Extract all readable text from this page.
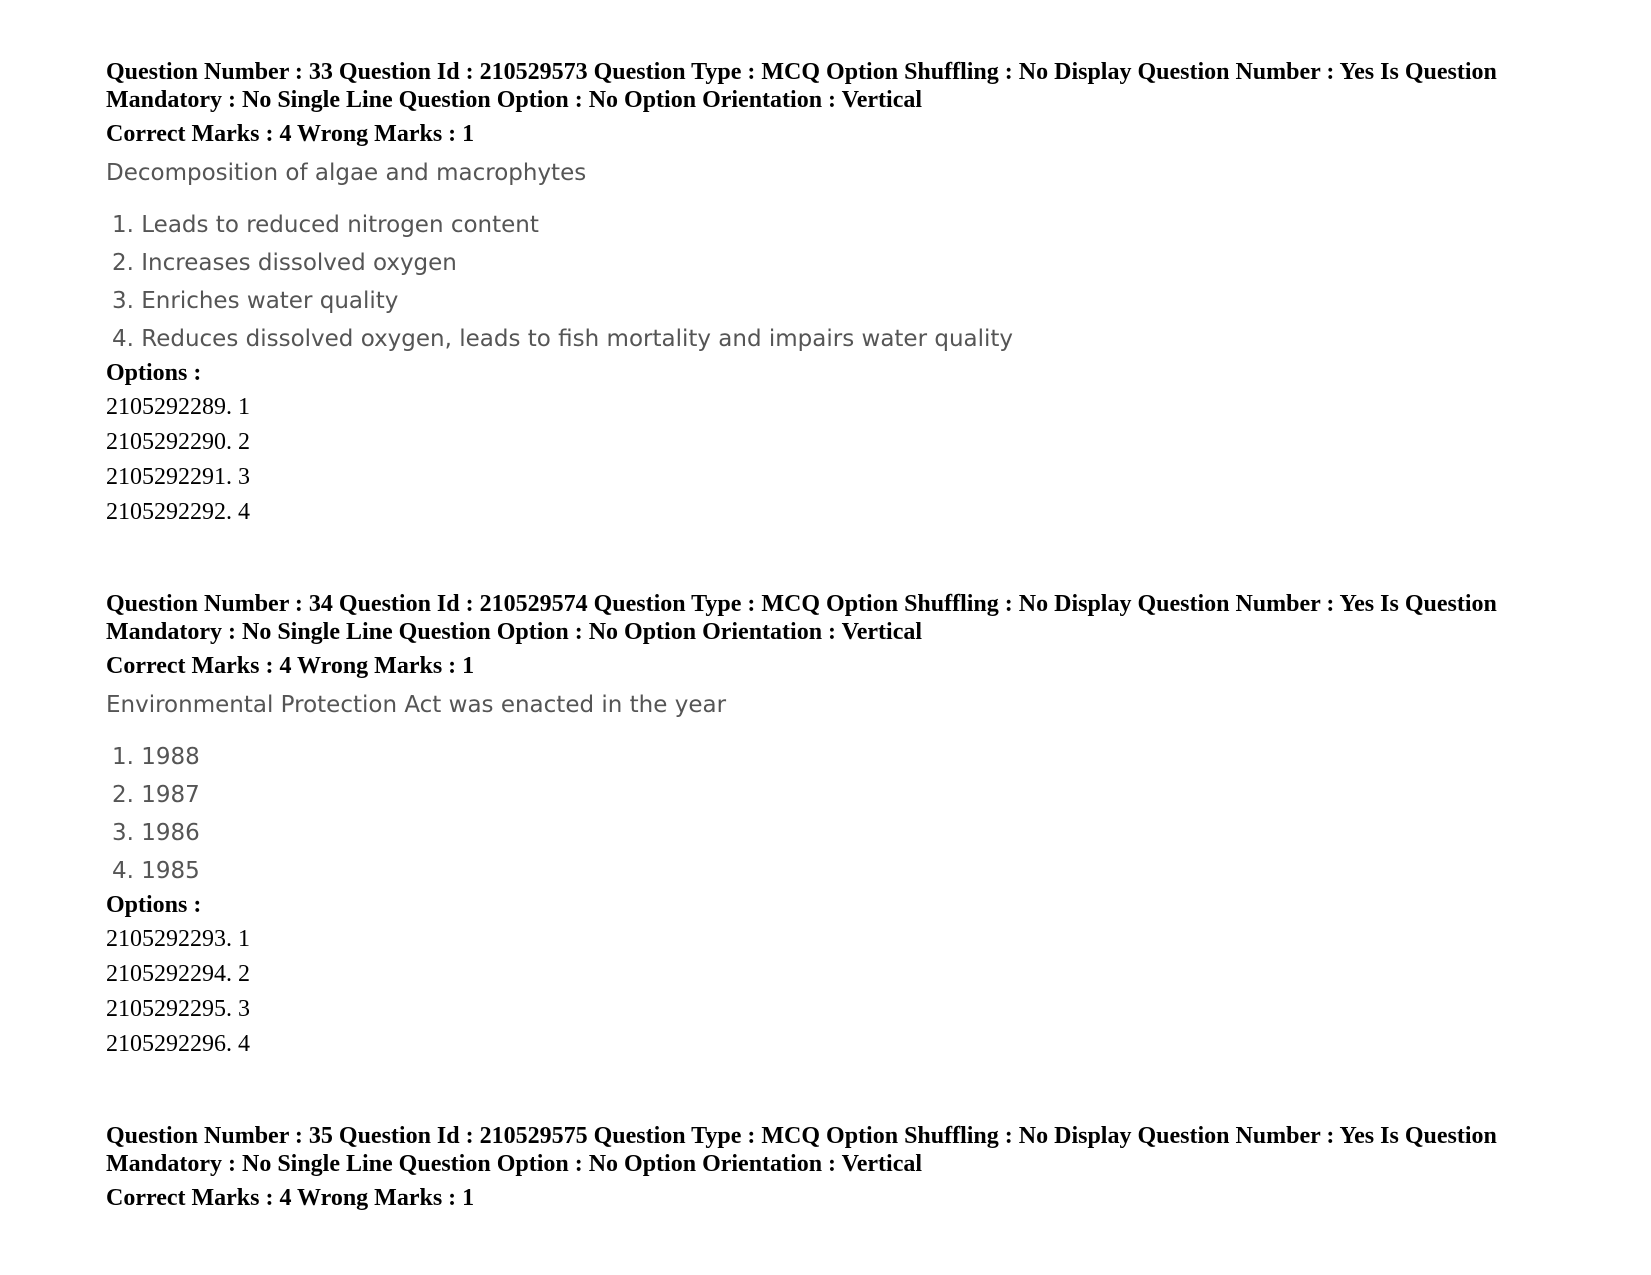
Question Number : 33 Question Id : 210529573 Question Type : MCQ Option Shuffling : No Display Question Number : Yes Is Question Mandatory : No Single Line Question Option : No Option Orientation : Vertical
Correct Marks : 4 Wrong Marks : 1
Decomposition of algae and macrophytes
1. Leads to reduced nitrogen content
2. Increases dissolved oxygen
3. Enriches water quality
4. Reduces dissolved oxygen, leads to fish mortality and impairs water quality
Options :
2105292289. 1
2105292290. 2
2105292291. 3
2105292292. 4
Question Number : 34 Question Id : 210529574 Question Type : MCQ Option Shuffling : No Display Question Number : Yes Is Question Mandatory : No Single Line Question Option : No Option Orientation : Vertical
Correct Marks : 4 Wrong Marks : 1
Environmental Protection Act was enacted in the year
1. 1988
2. 1987
3. 1986
4. 1985
Options :
2105292293. 1
2105292294. 2
2105292295. 3
2105292296. 4
Question Number : 35 Question Id : 210529575 Question Type : MCQ Option Shuffling : No Display Question Number : Yes Is Question Mandatory : No Single Line Question Option : No Option Orientation : Vertical
Correct Marks : 4 Wrong Marks : 1
